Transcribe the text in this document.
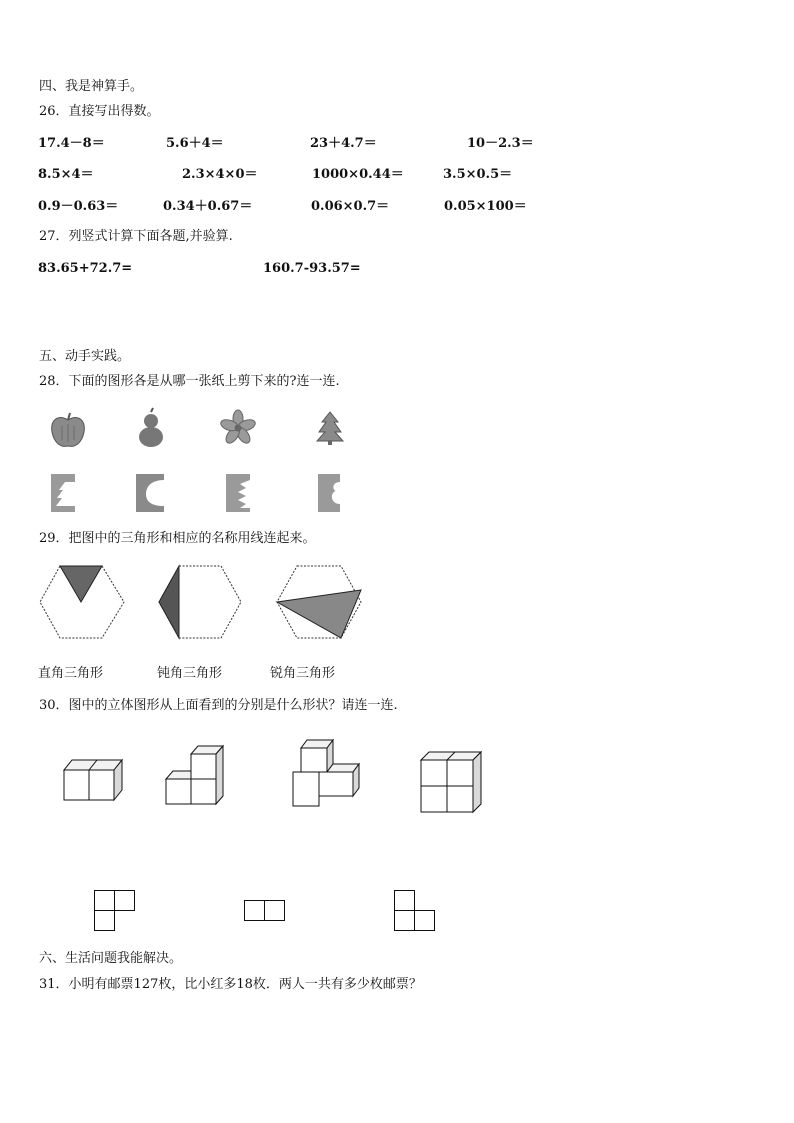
四、我是神算手。
26．直接写出得数。
17.4－8＝	5.6＋4＝	23＋4.7＝	10－2.3＝
8.5×4＝	2.3×4×0＝	1000×0.44＝	3.5×0.5＝
0.9－0.63＝	0.34＋0.67＝	0.06×0.7＝	0.05×100＝
27．列竖式计算下面各题,并验算.
83.65+72.7=	160.7-93.57=
五、动手实践。
28．下面的图形各是从哪一张纸上剪下来的?连一连.
29．把图中的三角形和相应的名称用线连起来。
直角三角形	钝角三角形	锐角三角形
30．图中的立体图形从上面看到的分别是什么形状？请连一连.
六、生活问题我能解决。
31．小明有邮票127枚，比小红多18枚．两人一共有多少枚邮票？
